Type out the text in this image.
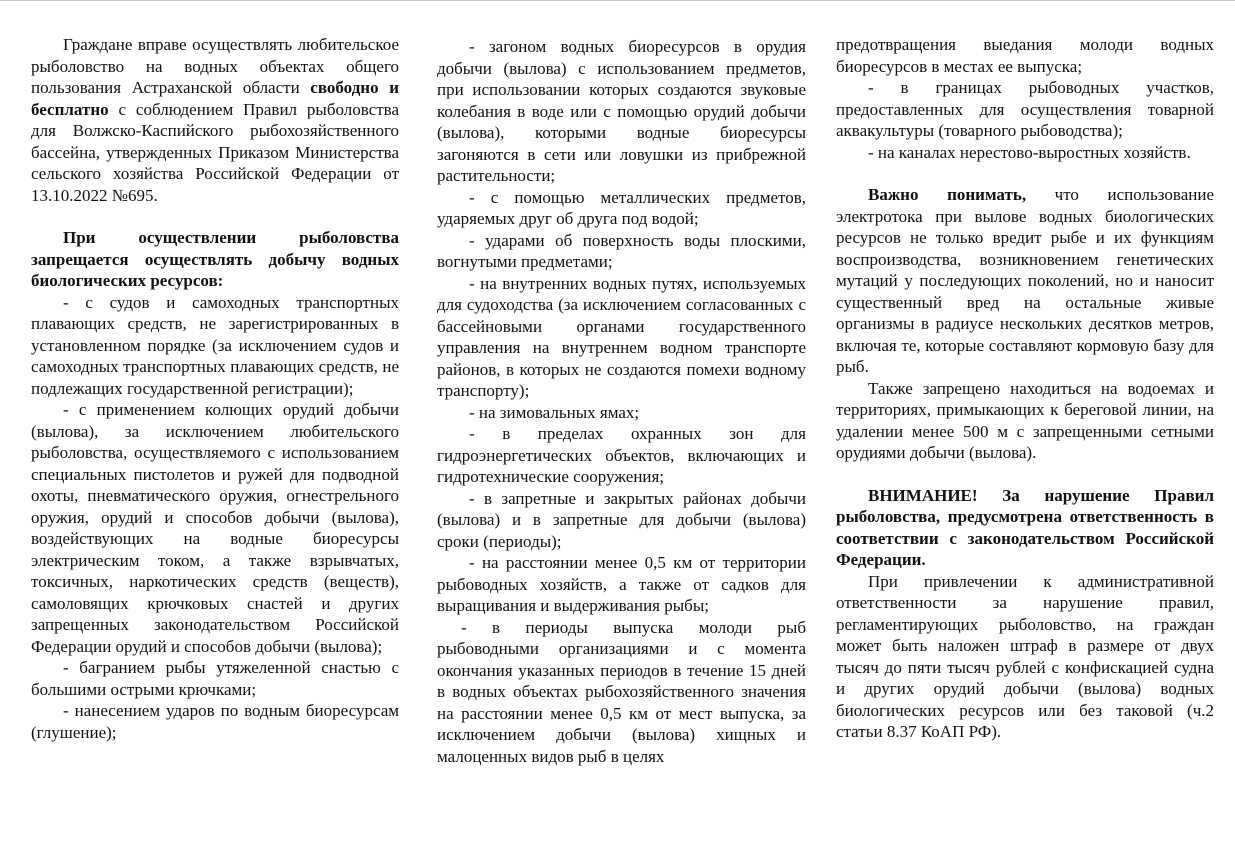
Граждане вправе осуществлять любительское рыболовство на водных объектах общего пользования Астраханской области свободно и бесплатно с соблюдением Правил рыболовства для Волжско-Каспийского рыбохозяйственного бассейна, утвержденных Приказом Министерства сельского хозяйства Российской Федерации от 13.10.2022 №695.

При осуществлении рыболовства запрещается осуществлять добычу водных биологических ресурсов:

- с судов и самоходных транспортных плавающих средств, не зарегистрированных в установленном порядке (за исключением судов и самоходных транспортных плавающих средств, не подлежащих государственной регистрации);

- с применением колющих орудий добычи (вылова), за исключением любительского рыболовства, осуществляемого с использованием специальных пистолетов и ружей для подводной охоты, пневматического оружия, огнестрельного оружия, орудий и способов добычи (вылова), воздействующих на водные биоресурсы электрическим током, а также взрывчатых, токсичных, наркотических средств (веществ), самоловящих крючковых снастей и других запрещенных законодательством Российской Федерации орудий и способов добычи (вылова);

- багранием рыбы утяжеленной снастью с большими острыми крючками;

- нанесением ударов по водным биоресурсам (глушение);

- загоном водных биоресурсов в орудия добычи (вылова) с использованием предметов, при использовании которых создаются звуковые колебания в воде или с помощью орудий добычи (вылова), которыми водные биоресурсы загоняются в сети или ловушки из прибрежной растительности;

- с помощью металлических предметов, ударяемых друг об друга под водой;

- ударами об поверхность воды плоскими, вогнутыми предметами;

- на внутренних водных путях, используемых для судоходства (за исключением согласованных с бассейновыми органами государственного управления на внутреннем водном транспорте районов, в которых не создаются помехи водному транспорту);

- на зимовальных ямах;

- в пределах охранных зон для гидроэнергетических объектов, включающих и гидротехнические сооружения;

- в запретные и закрытых районах добычи (вылова) и в запретные для добычи (вылова) сроки (периоды);

- на расстоянии менее 0,5 км от территории рыбоводных хозяйств, а также от садков для выращивания и выдерживания рыбы;

- в периоды выпуска молоди рыб рыбоводными организациями и с момента окончания указанных периодов в течение 15 дней в водных объектах рыбохозяйственного значения на расстоянии менее 0,5 км от мест выпуска, за исключением добычи (вылова) хищных и малоценных видов рыб в целях

предотвращения выедания молоди водных биоресурсов в местах ее выпуска;

- в границах рыбоводных участков, предоставленных для осуществления товарной аквакультуры (товарного рыбоводства);

- на каналах нерестово-выростных хозяйств.

Важно понимать, что использование электротока при вылове водных биологических ресурсов не только вредит рыбе и их функциям воспроизводства, возникновением генетических мутаций у последующих поколений, но и наносит существенный вред на остальные живые организмы в радиусе нескольких десятков метров, включая те, которые составляют кормовую базу для рыб.

Также запрещено находиться на водоемах и территориях, примыкающих к береговой линии, на удалении менее 500 м с запрещенными сетными орудиями добычи (вылова).

ВНИМАНИЕ! За нарушение Правил рыболовства, предусмотрена ответственность в соответствии с законодательством Российской Федерации.

При привлечении к административной ответственности за нарушение правил, регламентирующих рыболовство, на граждан может быть наложен штраф в размере от двух тысяч до пяти тысяч рублей с конфискацией судна и других орудий добычи (вылова) водных биологических ресурсов или без таковой (ч.2 статьи 8.37 КоАП РФ).
